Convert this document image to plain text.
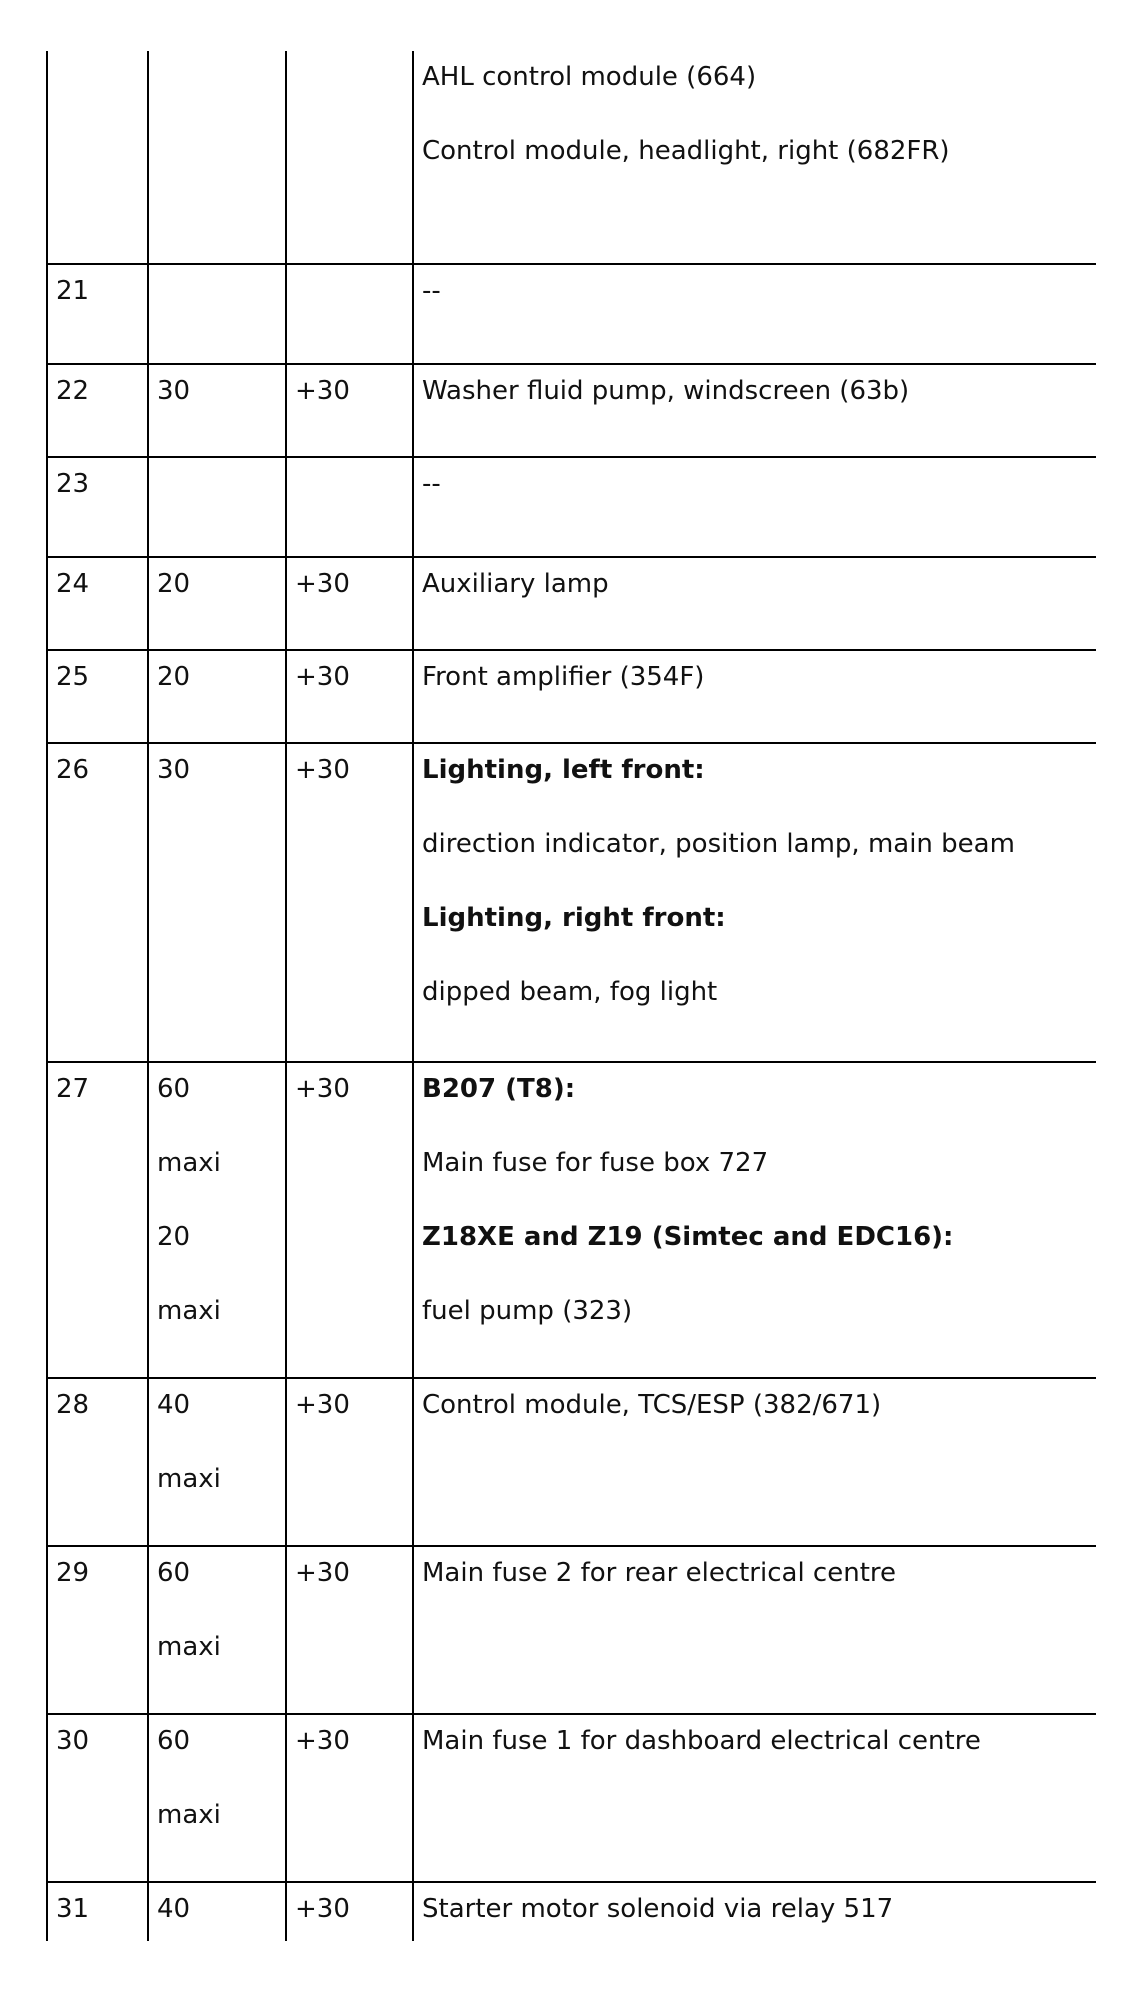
			AHL control module (664)
Control module, headlight, right (682FR)

21			--

22	30	+30	Washer fluid pump, windscreen (63b)

23			--

24	20	+30	Auxiliary lamp

25	20	+30	Front amplifier (354F)

26	30	+30	Lighting, left front:
direction indicator, position lamp, main beam
Lighting, right front:
dipped beam, fog light

27	60
maxi
20
maxi	+30	B207 (T8):
Main fuse for fuse box 727
Z18XE and Z19 (Simtec and EDC16):
fuel pump (323)

28	40
maxi	+30	Control module, TCS/ESP (382/671)

29	60
maxi	+30	Main fuse 2 for rear electrical centre

30	60
maxi	+30	Main fuse 1 for dashboard electrical centre

31	40	+30	Starter motor solenoid via relay 517
